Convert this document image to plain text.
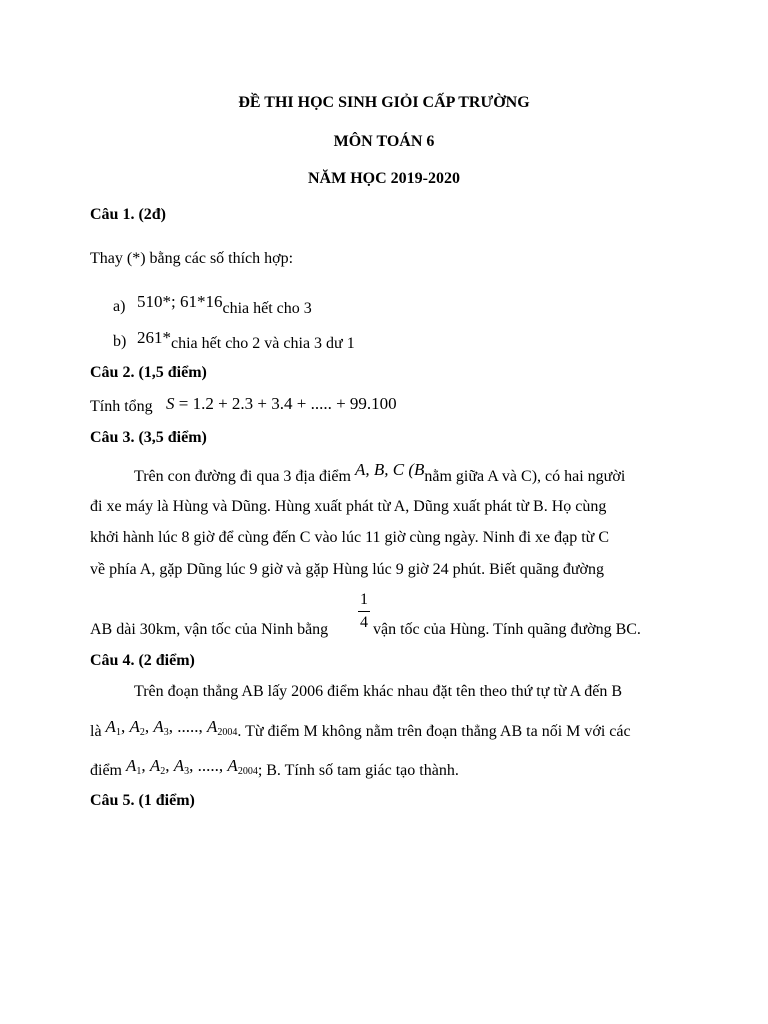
ĐỀ THI HỌC SINH GIỎI CẤP TRƯỜNG
MÔN TOÁN 6
NĂM HỌC 2019-2020
Câu 1. (2đ)
Thay (*) bằng các số thích hợp:
a) 510*; 61*16chia hết cho 3
b) 261*chia hết cho 2 và chia 3 dư 1
Câu 2. (1,5 điểm)
Tính tổng S = 1.2 + 2.3 + 3.4 + ..... + 99.100
Câu 3. (3,5 điểm)
Trên con đường đi qua 3 địa điểm A, B, C (Bnằm giữa A và C), có hai người
đi xe máy là Hùng và Dũng. Hùng xuất phát từ A, Dũng xuất phát từ B. Họ cùng
khởi hành lúc 8 giờ để cùng đến C vào lúc 11 giờ cùng ngày. Ninh đi xe đạp từ C
về phía A, gặp Dũng lúc 9 giờ và gặp Hùng lúc 9 giờ 24 phút. Biết quãng đường
AB dài 30km, vận tốc của Ninh bằng
1
4 vận tốc của Hùng. Tính quãng đường BC.
Câu 4. (2 điểm)
Trên đoạn thẳng AB lấy 2006 điểm khác nhau đặt tên theo thứ tự từ A đến B
là $A_1$, $A_2$, $A_3$, ....., $A_{2004}$. Từ điểm M không nằm trên đoạn thẳng AB ta nối M với các
điểm $A_1$, $A_2$, $A_3$, ....., $A_{2004}$; B. Tính số tam giác tạo thành.
Câu 5. (1 điểm)
